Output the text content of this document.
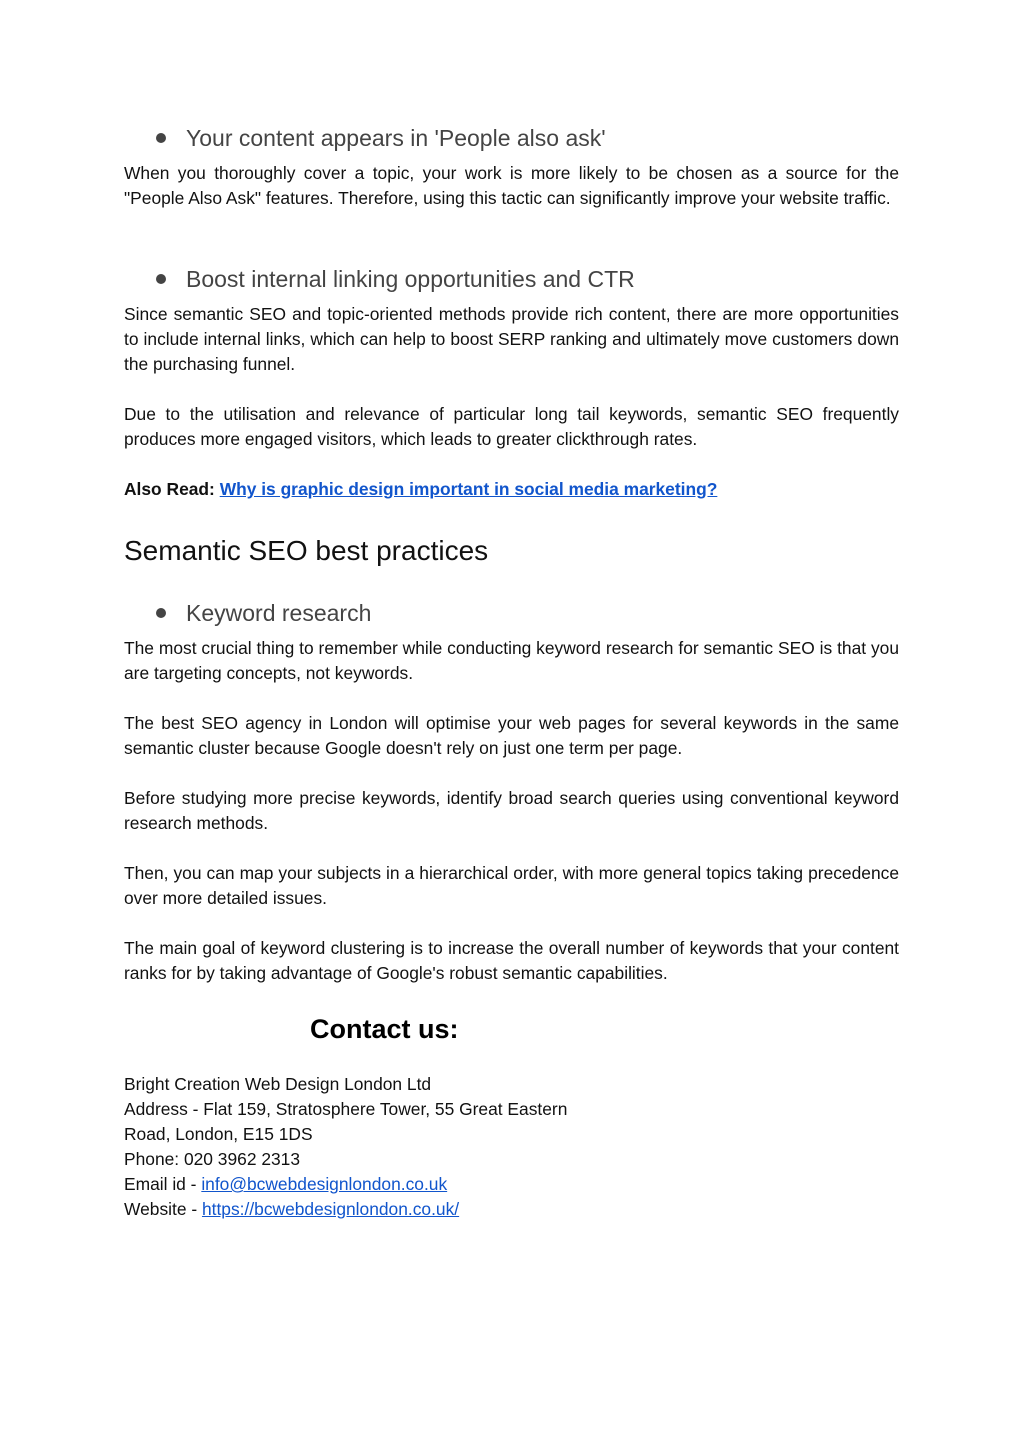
Your content appears in 'People also ask'
When you thoroughly cover a topic, your work is more likely to be chosen as a source for the "People Also Ask" features. Therefore, using this tactic can significantly improve your website traffic.
Boost internal linking opportunities and CTR
Since semantic SEO and topic-oriented methods provide rich content, there are more opportunities to include internal links, which can help to boost SERP ranking and ultimately move customers down the purchasing funnel.
Due to the utilisation and relevance of particular long tail keywords, semantic SEO frequently produces more engaged visitors, which leads to greater clickthrough rates.
Also Read: Why is graphic design important in social media marketing?
Semantic SEO best practices
Keyword research
The most crucial thing to remember while conducting keyword research for semantic SEO is that you are targeting concepts, not keywords.
The best SEO agency in London will optimise your web pages for several keywords in the same semantic cluster because Google doesn't rely on just one term per page.
Before studying more precise keywords, identify broad search queries using conventional keyword research methods.
Then, you can map your subjects in a hierarchical order, with more general topics taking precedence over more detailed issues.
The main goal of keyword clustering is to increase the overall number of keywords that your content ranks for by taking advantage of Google's robust semantic capabilities.
Contact us:
Bright Creation Web Design London Ltd
Address - Flat 159, Stratosphere Tower, 55 Great Eastern
Road, London, E15 1DS
Phone: 020 3962 2313
Email id - info@bcwebdesignlondon.co.uk
Website - https://bcwebdesignlondon.co.uk/
